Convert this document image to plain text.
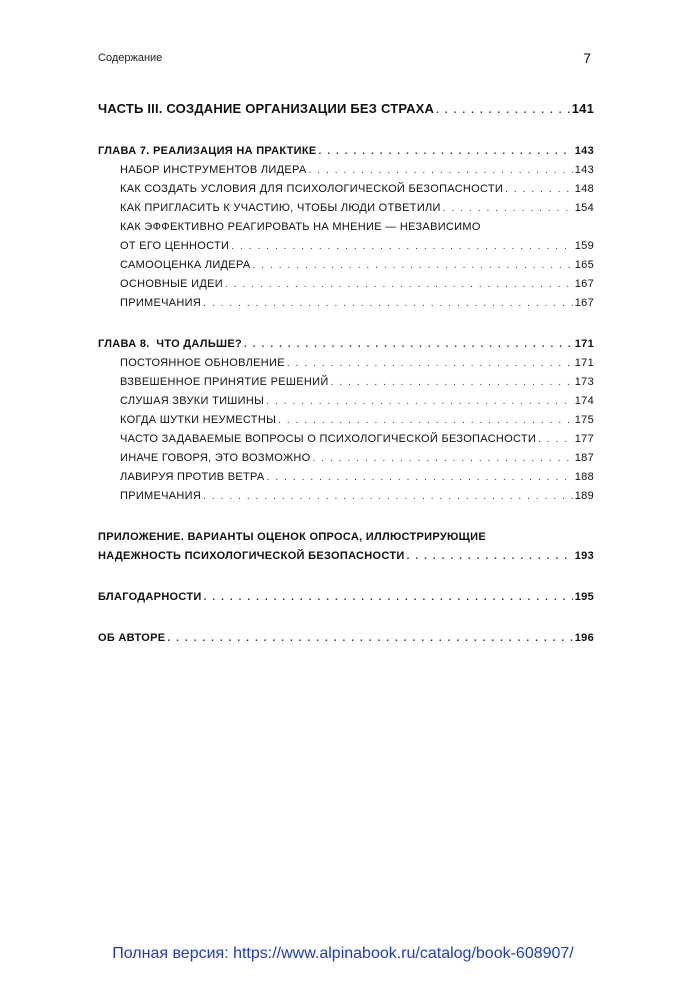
Содержание	7
ЧАСТЬ III. СОЗДАНИЕ ОРГАНИЗАЦИИ БЕЗ СТРАХА . . .	141
ГЛАВА 7. РЕАЛИЗАЦИЯ НА ПРАКТИКЕ . . .	143
НАБОР ИНСТРУМЕНТОВ ЛИДЕРА . . .	143
КАК СОЗДАТЬ УСЛОВИЯ ДЛЯ ПСИХОЛОГИЧЕСКОЙ БЕЗОПАСНОСТИ . . .	148
КАК ПРИГЛАСИТЬ К УЧАСТИЮ, ЧТОБЫ ЛЮДИ ОТВЕТИЛИ . . .	154
КАК ЭФФЕКТИВНО РЕАГИРОВАТЬ НА МНЕНИЕ — НЕЗАВИСИМО
ОТ ЕГО ЦЕННОСТИ . . .	159
САМООЦЕНКА ЛИДЕРА . . .	165
ОСНОВНЫЕ ИДЕИ . . .	167
ПРИМЕЧАНИЯ . . .	167
ГЛАВА 8.  ЧТО ДАЛЬШЕ? . . .	171
ПОСТОЯННОЕ ОБНОВЛЕНИЕ . . .	171
ВЗВЕШЕННОЕ ПРИНЯТИЕ РЕШЕНИЙ . . .	173
СЛУШАЯ ЗВУКИ ТИШИНЫ . . .	174
КОГДА ШУТКИ НЕУМЕСТНЫ . . .	175
ЧАСТО ЗАДАВАЕМЫЕ ВОПРОСЫ О ПСИХОЛОГИЧЕСКОЙ БЕЗОПАСНОСТИ . . .	177
ИНАЧЕ ГОВОРЯ, ЭТО ВОЗМОЖНО . . .	187
ЛАВИРУЯ ПРОТИВ ВЕТРА . . .	188
ПРИМЕЧАНИЯ . . .	189
ПРИЛОЖЕНИЕ. ВАРИАНТЫ ОЦЕНОК ОПРОСА, ИЛЛЮСТРИРУЮЩИЕ
НАДЕЖНОСТЬ ПСИХОЛОГИЧЕСКОЙ БЕЗОПАСНОСТИ . . .	193
БЛАГОДАРНОСТИ . . .	195
ОБ АВТОРЕ . . .	196
Полная версия: https://www.alpinabook.ru/catalog/book-608907/
